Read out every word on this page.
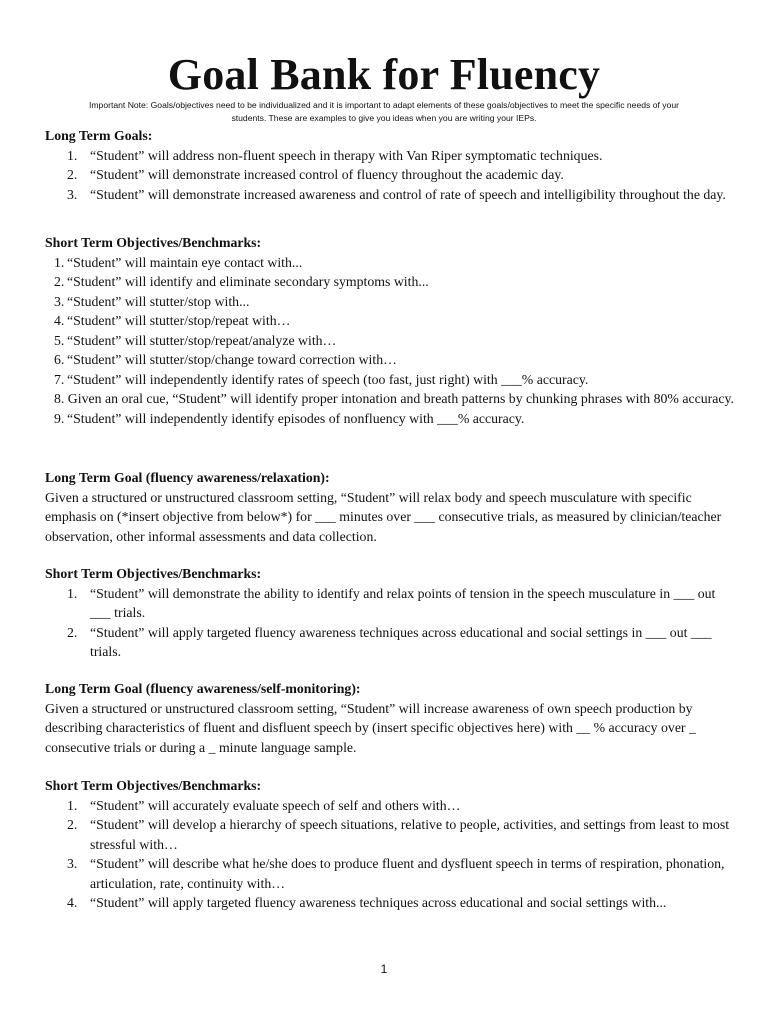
Goal Bank for Fluency
Important Note: Goals/objectives need to be individualized and it is important to adapt elements of these goals/objectives to meet the specific needs of your
students. These are examples to give you ideas when you are writing your IEPs.
Long Term Goals:
1. “Student” will address non-fluent speech in therapy with Van Riper symptomatic techniques.
2. “Student” will demonstrate increased control of fluency throughout the academic day.
3. “Student” will demonstrate increased awareness and control of rate of speech and intelligibility throughout the day.
Short Term Objectives/Benchmarks:
1. “Student” will maintain eye contact with...
2. “Student” will identify and eliminate secondary symptoms with...
3. “Student” will stutter/stop with...
4. “Student” will stutter/stop/repeat with…
5. “Student” will stutter/stop/repeat/analyze with…
6. “Student” will stutter/stop/change toward correction with…
7. “Student” will independently identify rates of speech (too fast, just right) with ___% accuracy.
8. Given an oral cue, “Student” will identify proper intonation and breath patterns by chunking phrases with 80% accuracy.
9. “Student” will independently identify episodes of nonfluency with ___% accuracy.
Long Term Goal (fluency awareness/relaxation):

Given a structured or unstructured classroom setting, “Student” will relax body and speech musculature with specific emphasis on (*insert objective from below*) for ___ minutes over ___ consecutive trials, as measured by clinician/teacher observation, other informal assessments and data collection.

Short Term Objectives/Benchmarks:
1. “Student” will demonstrate the ability to identify and relax points of tension in the speech musculature in ___ out ___ trials.
2. “Student” will apply targeted fluency awareness techniques across educational and social settings in ___ out ___ trials.
Long Term Goal (fluency awareness/self-monitoring):

Given a structured or unstructured classroom setting, “Student” will increase awareness of own speech production by describing characteristics of fluent and disfluent speech by (insert specific objectives here) with __ % accuracy over _ consecutive trials or during a _ minute language sample.

Short Term Objectives/Benchmarks:
1. “Student” will accurately evaluate speech of self and others with…
2. “Student” will develop a hierarchy of speech situations, relative to people, activities, and settings from least to most stressful with…
3. “Student” will describe what he/she does to produce fluent and dysfluent speech in terms of respiration, phonation, articulation, rate, continuity with…
4. “Student” will apply targeted fluency awareness techniques across educational and social settings with...
1
